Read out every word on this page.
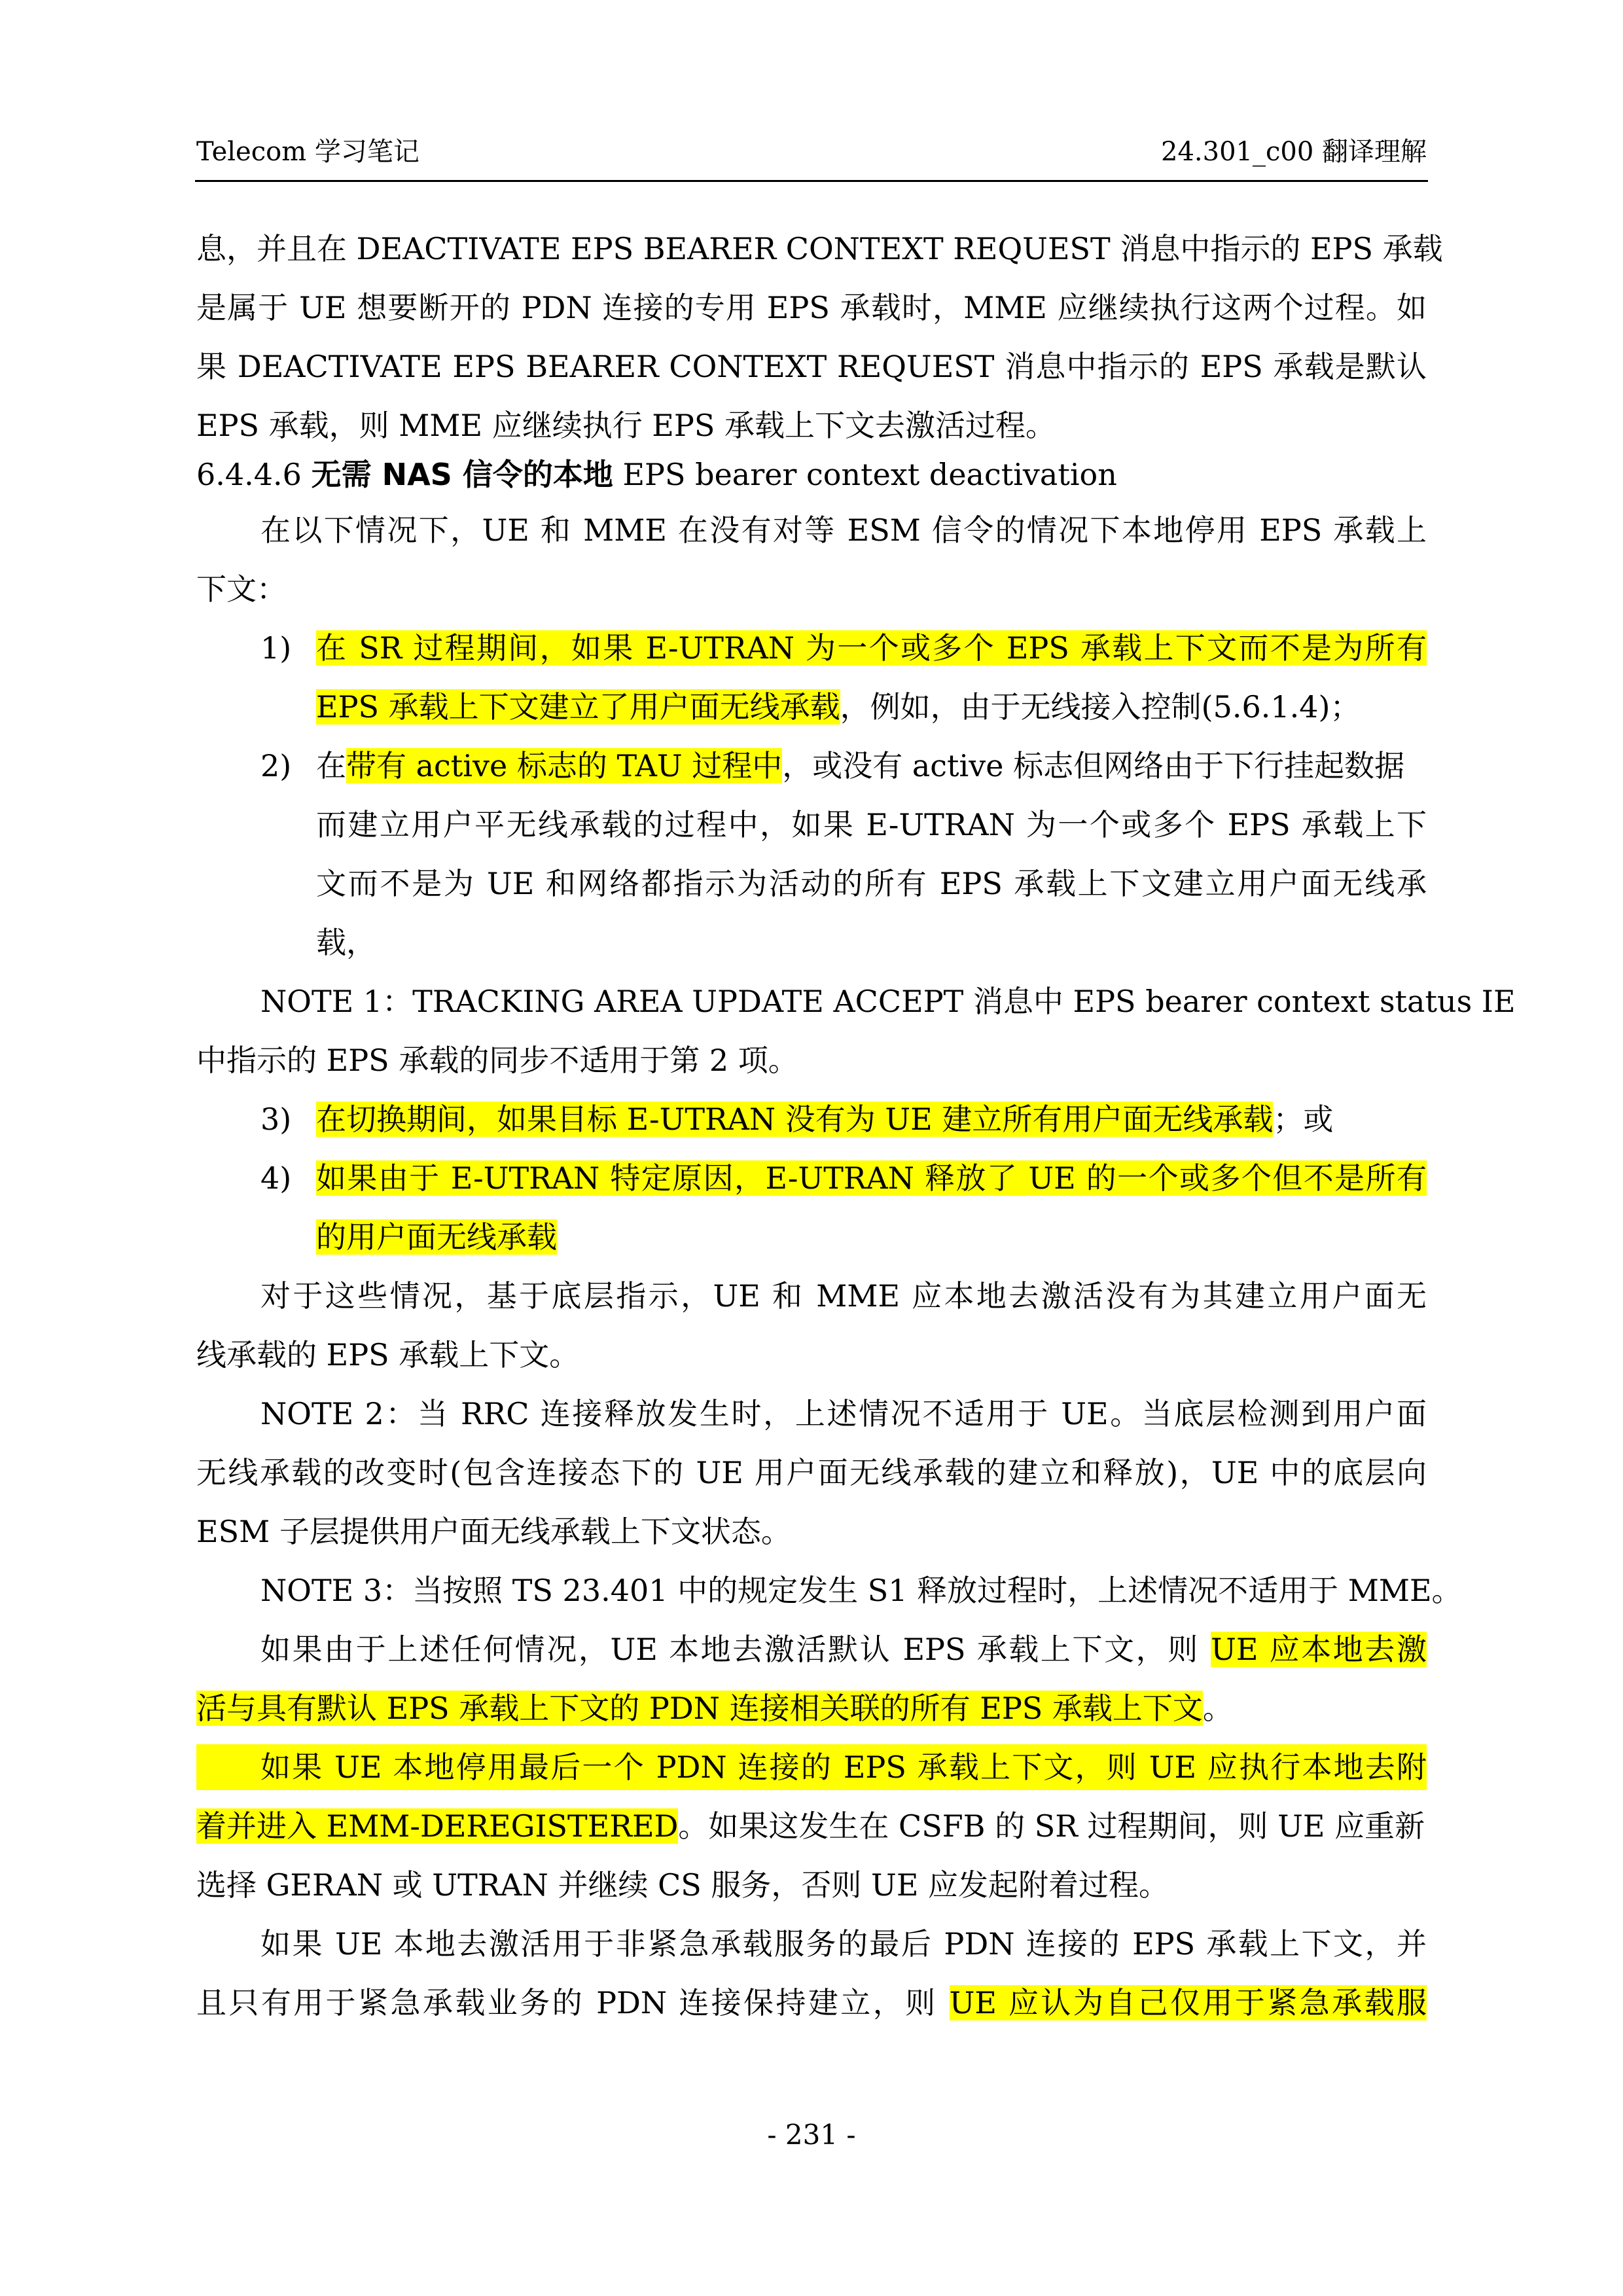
Telecom 学习笔记	24.301_c00 翻译理解
息，并且在 DEACTIVATE EPS BEARER CONTEXT REQUEST 消息中指示的 EPS 承载
是属于 UE 想要断开的 PDN 连接的专用 EPS 承载时，MME 应继续执行这两个过程。如
果 DEACTIVATE EPS BEARER CONTEXT REQUEST 消息中指示的 EPS 承载是默认
EPS 承载，则 MME 应继续执行 EPS 承载上下文去激活过程。
6.4.4.6 无需 NAS 信令的本地 EPS bearer context deactivation
在以下情况下，UE 和 MME 在没有对等 ESM 信令的情况下本地停用 EPS 承载上
下文：
1) 在 SR 过程期间，如果 E-UTRAN 为一个或多个 EPS 承载上下文而不是为所有
EPS 承载上下文建立了用户面无线承载，例如，由于无线接入控制(5.6.1.4)；
2) 在带有 active 标志的 TAU 过程中，或没有 active 标志但网络由于下行挂起数据
而建立用户平无线承载的过程中，如果 E-UTRAN 为一个或多个 EPS 承载上下
文而不是为 UE 和网络都指示为活动的所有 EPS 承载上下文建立用户面无线承
载，
NOTE 1：TRACKING AREA UPDATE ACCEPT 消息中 EPS bearer context status IE
中指示的 EPS 承载的同步不适用于第 2 项。
3) 在切换期间，如果目标 E-UTRAN 没有为 UE 建立所有用户面无线承载；或
4) 如果由于 E-UTRAN 特定原因，E-UTRAN 释放了 UE 的一个或多个但不是所有
的用户面无线承载
对于这些情况，基于底层指示，UE 和 MME 应本地去激活没有为其建立用户面无
线承载的 EPS 承载上下文。
NOTE 2：当 RRC 连接释放发生时，上述情况不适用于 UE。当底层检测到用户面
无线承载的改变时(包含连接态下的 UE 用户面无线承载的建立和释放)，UE 中的底层向
ESM 子层提供用户面无线承载上下文状态。
NOTE 3：当按照 TS 23.401 中的规定发生 S1 释放过程时，上述情况不适用于 MME。
如果由于上述任何情况，UE 本地去激活默认 EPS 承载上下文，则 UE 应本地去激
活与具有默认 EPS 承载上下文的 PDN 连接相关联的所有 EPS 承载上下文。
如果 UE 本地停用最后一个 PDN 连接的 EPS 承载上下文，则 UE 应执行本地去附
着并进入 EMM-DEREGISTERED。如果这发生在 CSFB 的 SR 过程期间，则 UE 应重新
选择 GERAN 或 UTRAN 并继续 CS 服务，否则 UE 应发起附着过程。
如果 UE 本地去激活用于非紧急承载服务的最后 PDN 连接的 EPS 承载上下文，并
且只有用于紧急承载业务的 PDN 连接保持建立，则 UE 应认为自己仅用于紧急承载服
- 231 -
